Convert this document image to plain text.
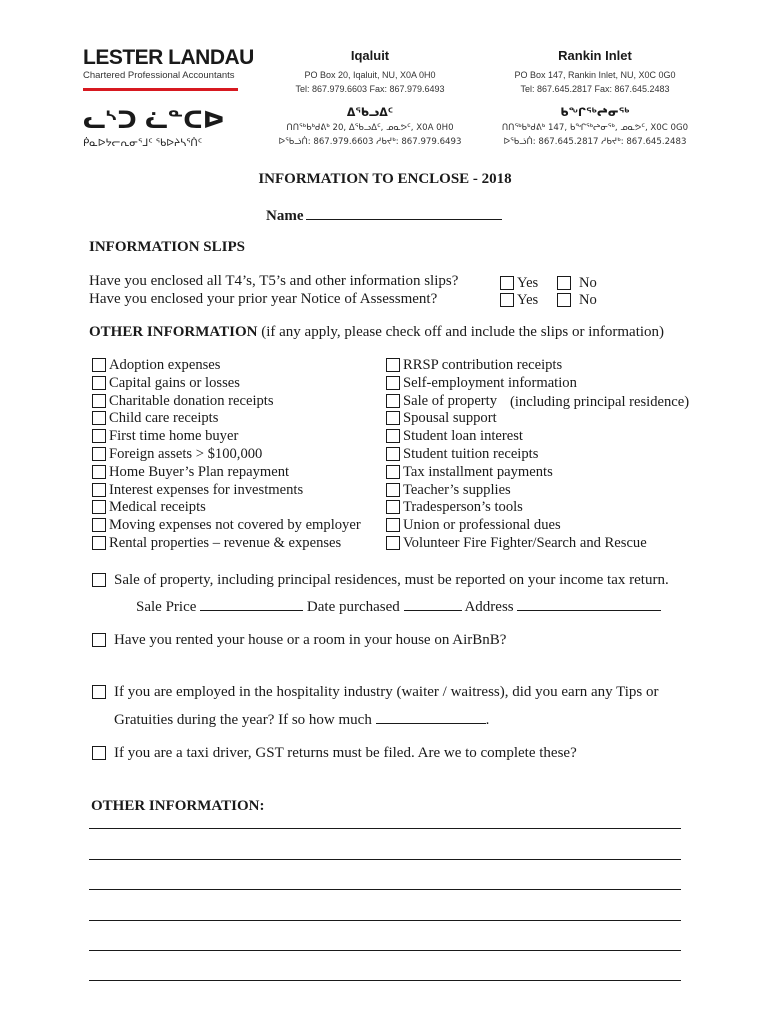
LESTER LANDAU
Chartered Professional Accountants
ᓚᔅᑐ ᓛᓐᑕᐅ
ᑮᓇᐅᔭᓕᕆᓂᕐᒧᑦ ᖃᐅᔨᓴᕐᑏᑦ
Iqaluit
PO Box 20, Iqaluit, NU, X0A 0H0
Tel: 867.979.6603 Fax: 867.979.6493
ᐃᖃᓗᐃᑦ
ᑎᑎᖅᑲᒃᑯᕕᒃ 20, ᐃᖃᓗᐃᑦ, ᓄᓇᕗᑦ, X0A 0H0
ᐅᖃᓘᑏ: 867.979.6603 ᓱᑲᔪᒃ: 867.979.6493
Rankin Inlet
PO Box 147, Rankin Inlet, NU, X0C 0G0
Tel: 867.645.2817 Fax: 867.645.2483
ᑲᖏᖅᖠᓂᖅ
ᑎᑎᖅᑲᒃᑯᕕᒃ 147, ᑲᖏᖅᖠᓂᖅ, ᓄᓇᕗᑦ, X0C 0G0
ᐅᖃᓘᑏ: 867.645.2817 ᓱᑲᔪᒃ: 867.645.2483
INFORMATION TO ENCLOSE - 2018
Name
INFORMATION SLIPS
Have you enclosed all T4’s, T5’s and other information slips?
Have you enclosed your prior year Notice of Assessment?
Yes	No
Yes	No
OTHER INFORMATION (if any apply, please check off and include the slips or information)
Adoption expenses
Capital gains or losses
Charitable donation receipts
Child care receipts
First time home buyer
Foreign assets > $100,000
Home Buyer’s Plan repayment
Interest expenses for investments
Medical receipts
Moving expenses not covered by employer
Rental properties – revenue & expenses
RRSP contribution receipts
Self-employment information
Sale of property (including principal residence)
Spousal support
Student loan interest
Student tuition receipts
Tax installment payments
Teacher’s supplies
Tradesperson’s tools
Union or professional dues
Volunteer Fire Fighter/Search and Rescue
Sale of property, including principal residences, must be reported on your income tax return.
Sale Price	Date purchased	Address
Have you rented your house or a room in your house on AirBnB?
If you are employed in the hospitality industry (waiter / waitress), did you earn any Tips or
Gratuities during the year? If so how much	.
If you are a taxi driver, GST returns must be filed. Are we to complete these?
OTHER INFORMATION:
